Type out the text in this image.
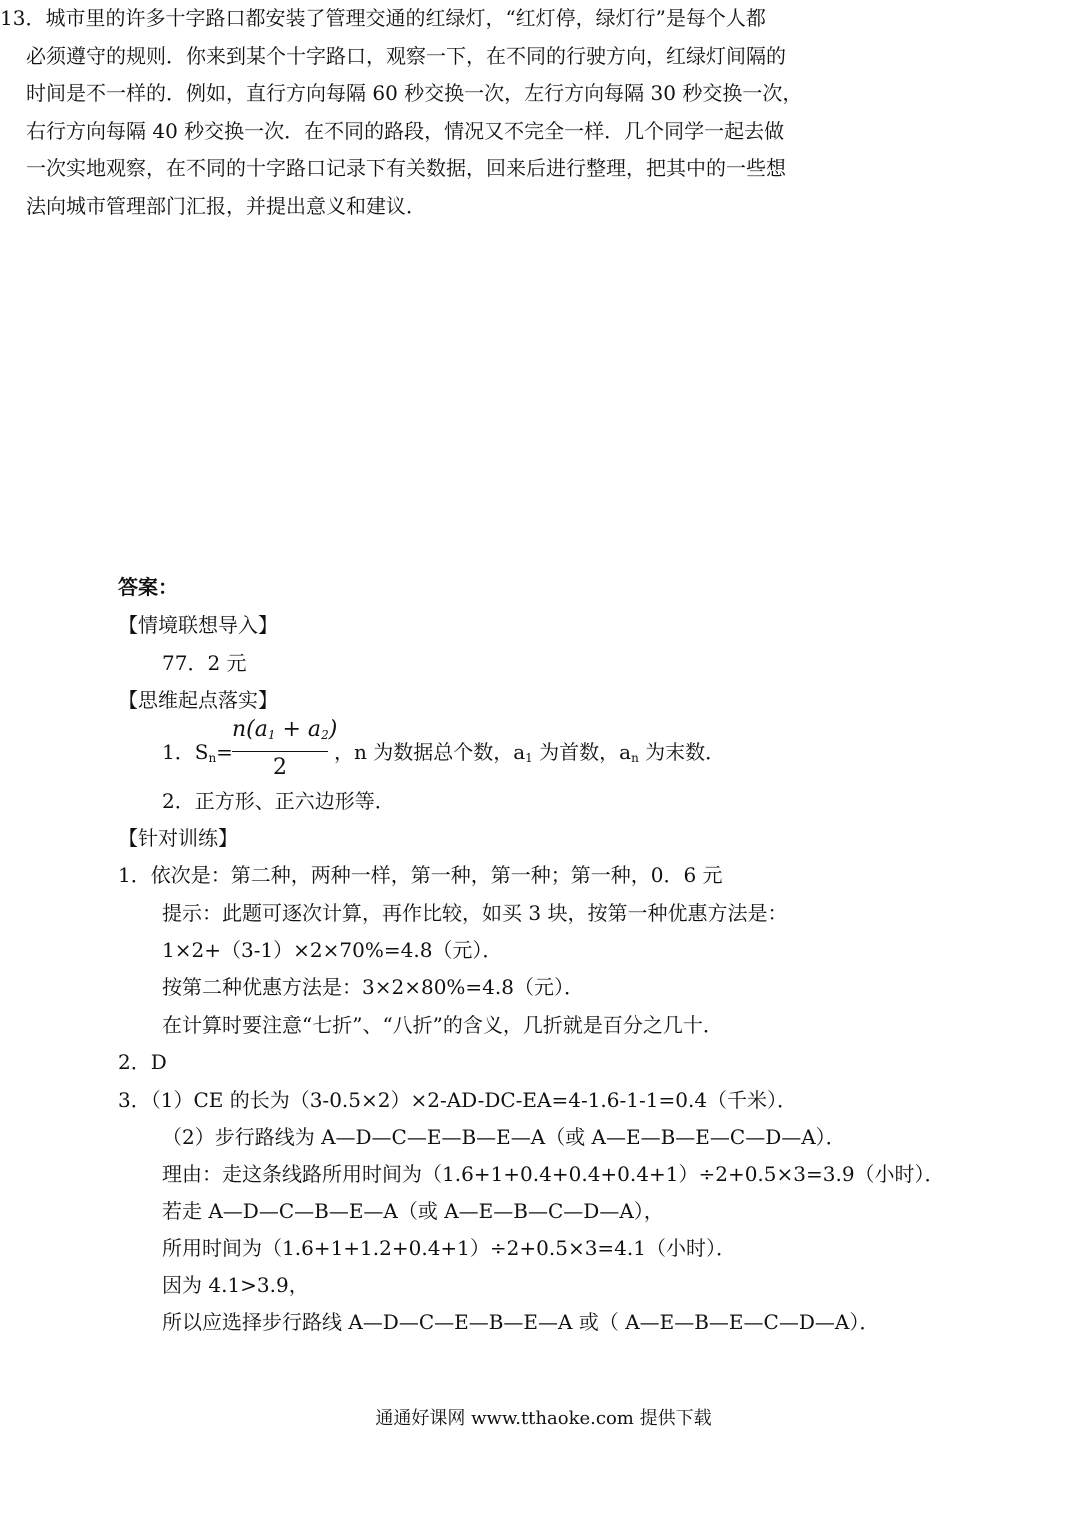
13．城市里的许多十字路口都安装了管理交通的红绿灯，“红灯停，绿灯行”是每个人都

必须遵守的规则．你来到某个十字路口，观察一下，在不同的行驶方向，红绿灯间隔的

时间是不一样的．例如，直行方向每隔 60 秒交换一次，左行方向每隔 30 秒交换一次，

右行方向每隔 40 秒交换一次．在不同的路段，情况又不完全一样．几个同学一起去做

一次实地观察，在不同的十字路口记录下有关数据，回来后进行整理，把其中的一些想

法向城市管理部门汇报，并提出意义和建议．

答案：
【情境联想导入】
77．2 元
【思维起点落实】
1．$S_n= \frac{n(a_1 + a_2)}{2}$ ，n 为数据总个数，$a_1$ 为首数，$a_n$ 为末数．
2．正方形、正六边形等．
【针对训练】
1．依次是：第二种，两种一样，第一种，第一种；第一种，0．6 元
提示：此题可逐次计算，再作比较，如买 3 块，按第一种优惠方法是：
1×2+（3-1）×2×70%=4.8（元）．
按第二种优惠方法是：3×2×80%=4.8（元）．
在计算时要注意“七折”、“八折”的含义，几折就是百分之几十．
2．D
3．（1）CE 的长为（3-0.5×2）×2-AD-DC-EA=4-1.6-1-1=0.4（千米）．
（2）步行路线为 A—D—C—E—B—E—A（或 A—E—B—E—C—D—A）．
理由：走这条线路所用时间为（1.6+1+0.4+0.4+0.4+1）÷2+0.5×3=3.9（小时）．
若走 A—D—C—B—E—A（或 A—E—B—C—D—A），
所用时间为（1.6+1+1.2+0.4+1）÷2+0.5×3=4.1（小时）．
因为 4.1>3.9，
所以应选择步行路线 A—D—C—E—B—E—A 或（ A—E—B—E—C—D—A）．
通通好课网 www.tthaoke.com 提供下载
